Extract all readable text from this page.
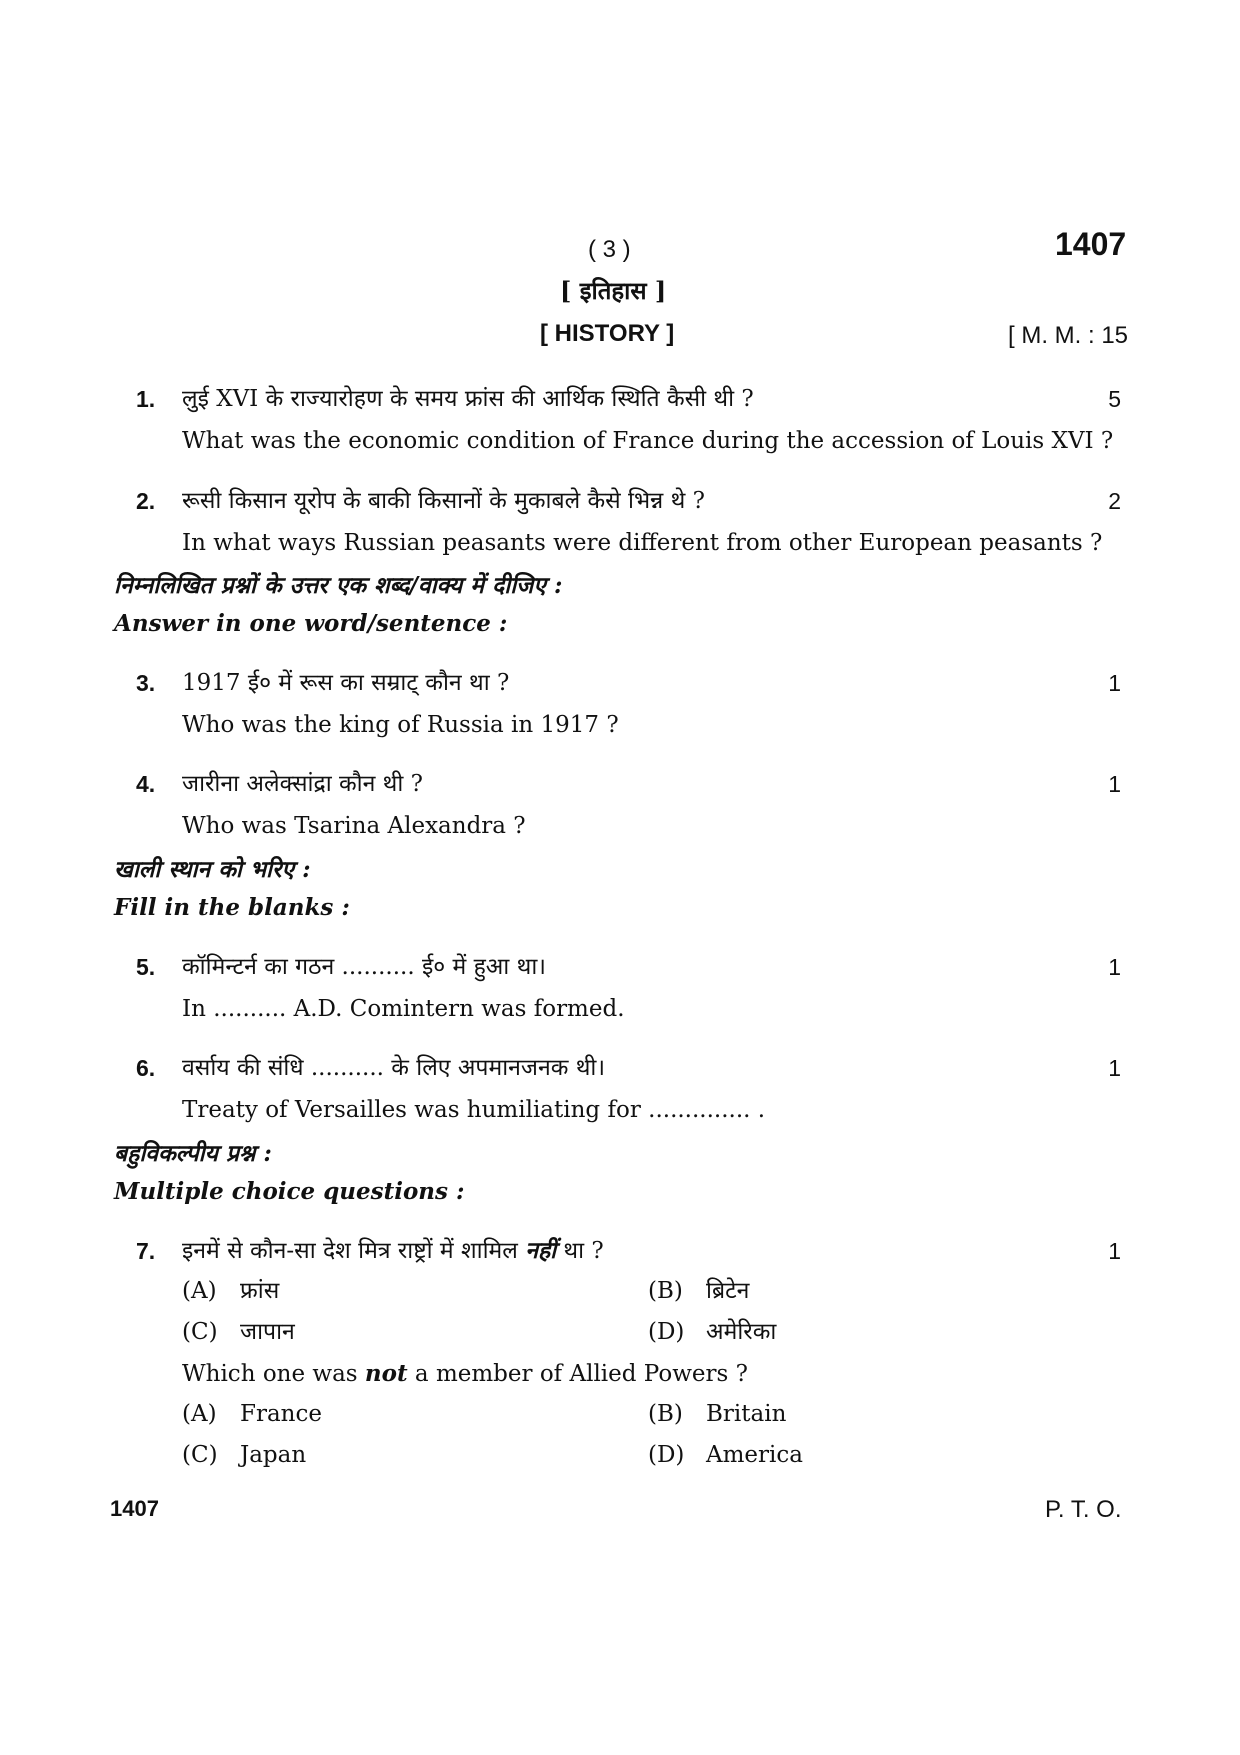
( 3 )	1407
[ इतिहास ]
[ HISTORY ]	[ M. M. : 15
1. लुई XVI के राज्यारोहण के समय फ्रांस की आर्थिक स्थिति कैसी थी ?	5
What was the economic condition of France during the accession of Louis XVI ?
2. रूसी किसान यूरोप के बाकी किसानों के मुकाबले कैसे भिन्न थे ?	2
In what ways Russian peasants were different from other European peasants ?
निम्नलिखित प्रश्नों के उत्तर एक शब्द/वाक्य में दीजिए :
Answer in one word/sentence :
3. 1917 ई० में रूस का सम्राट् कौन था ?	1
Who was the king of Russia in 1917 ?
4. जारीना अलेक्सांद्रा कौन थी ?	1
Who was Tsarina Alexandra ?
खाली स्थान को भरिए :
Fill in the blanks :
5. कॉमिन्टर्न का गठन .......... ई० में हुआ था।	1
In .......... A.D. Comintern was formed.
6. वर्साय की संधि .......... के लिए अपमानजनक थी।	1
Treaty of Versailles was humiliating for .............. .
बहुविकल्पीय प्रश्न :
Multiple choice questions :
7. इनमें से कौन-सा देश मित्र राष्ट्रों में शामिल नहीं था ?	1
(A) फ्रांस	(B) ब्रिटेन
(C) जापान	(D) अमेरिका
Which one was not a member of Allied Powers ?
(A) France	(B) Britain
(C) Japan	(D) America
1407	P. T. O.
